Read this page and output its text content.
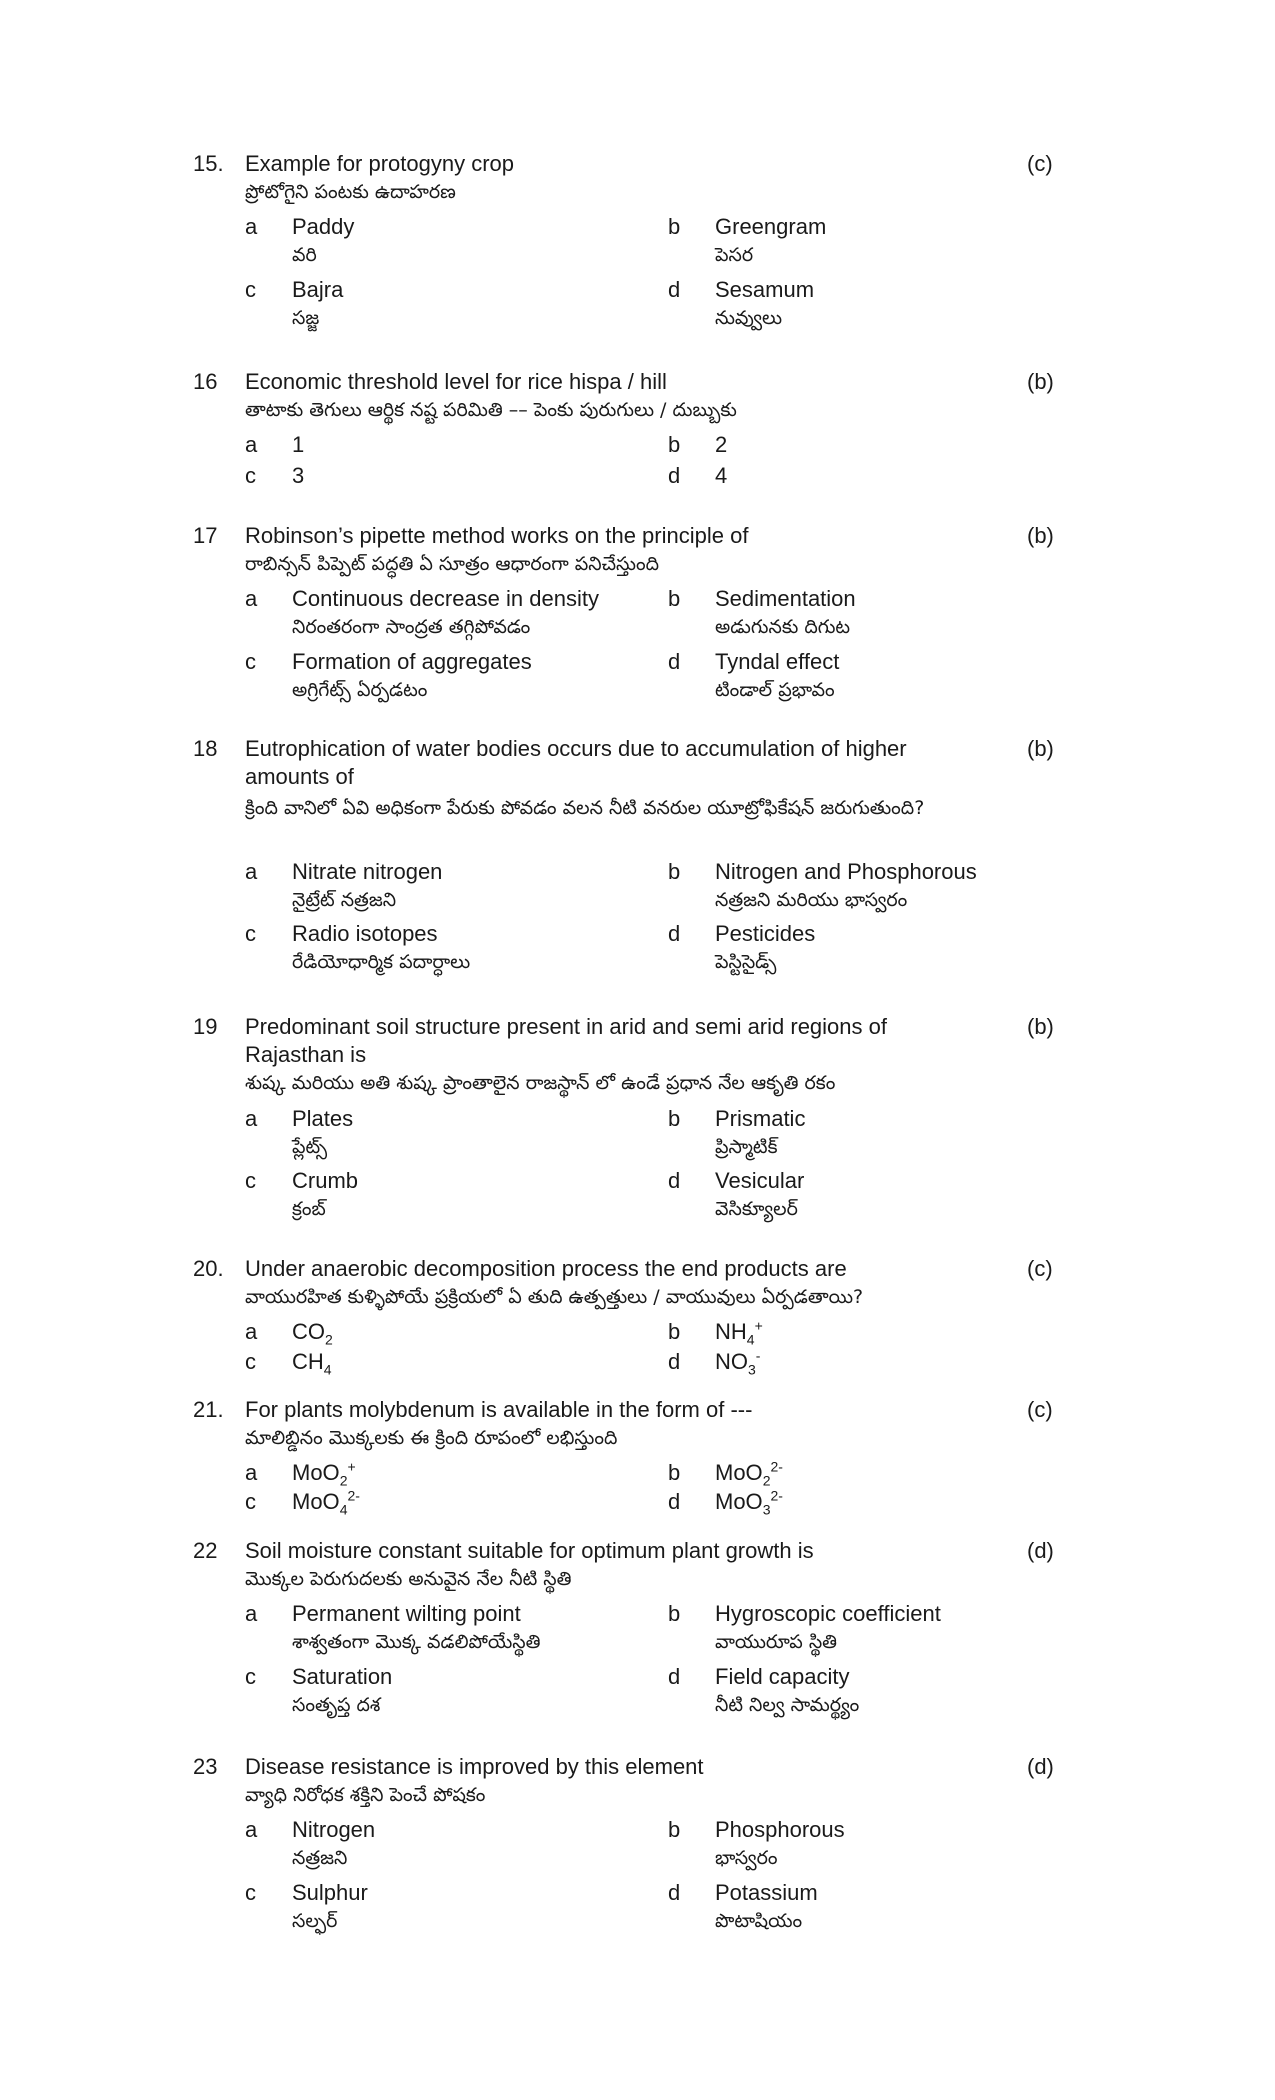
15. Example for protogyny crop
ప్రోటోగైని పంటకు ఉదాహరణ
(c)
a Paddy
వరి
b Greengram
పెసర
c Bajra
సజ్జ
d Sesamum
నువ్వులు
16 Economic threshold level for rice hispa / hill
తాటాకు తెగులు ఆర్థిక నష్ట పరిమితి –– పెంకు పురుగులు / దుబ్బుకు
(b)
a 1	b 2
c 3	d 4
17 Robinson’s pipette method works on the principle of
రాబిన్సన్ పిప్పెట్ పద్ధతి ఏ సూత్రం ఆధారంగా పనిచేస్తుంది
(b)
a Continuous decrease in density
నిరంతరంగా సాంద్రత తగ్గిపోవడం
b Sedimentation
అడుగునకు దిగుట
c Formation of aggregates
అగ్రిగేట్స్ ఏర్పడటం
d Tyndal effect
టిండాల్ ప్రభావం
18 Eutrophication of water bodies occurs due to accumulation of higher amounts of
క్రింది వానిలో ఏవి అధికంగా పేరుకు పోవడం వలన నీటి వనరుల యూట్రోఫికేషన్ జరుగుతుంది?
(b)
a Nitrate nitrogen
నైట్రేట్ నత్రజని
b Nitrogen and Phosphorous
నత్రజని మరియు భాస్వరం
c Radio isotopes
రేడియోధార్మిక పదార్ధాలు
d Pesticides
పెస్టిసైడ్స్
19 Predominant soil structure present in arid and semi arid regions of Rajasthan is
శుష్క మరియు అతి శుష్క ప్రాంతాలైన రాజస్థాన్ లో ఉండే ప్రధాన నేల ఆకృతి రకం
(b)
a Plates
ప్లేట్స్
b Prismatic
ప్రిస్మాటిక్
c Crumb
క్రంబ్
d Vesicular
వెసిక్యూలర్
20. Under anaerobic decomposition process the end products are
వాయురహిత కుళ్ళిపోయే ప్రక్రియలో ఏ తుది ఉత్పత్తులు / వాయువులు ఏర్పడతాయి?
(c)
a $CO_2$	b $NH_4^+$
c $CH_4$	d $NO_3^-$
21. For plants molybdenum is available in the form of ---
మాలిబ్డినం మొక్కలకు ఈ క్రింది రూపంలో లభిస్తుంది
(c)
a MoO$_2$+	b MoO$_2^{2-}$
c MoO$_4^{2-}$	d MoO$_3^{2-}$
22 Soil moisture constant suitable for optimum plant growth is
మొక్కల పెరుగుదలకు అనువైన నేల నీటి స్థితి
(d)
a Permanent wilting point
శాశ్వతంగా మొక్క వడలిపోయేస్థితి
b Hygroscopic coefficient
వాయురూప స్థితి
c Saturation
సంతృప్త దశ
d Field capacity
నీటి నిల్వ సామర్థ్యం
23 Disease resistance is improved by this element
వ్యాధి నిరోధక శక్తిని పెంచే పోషకం
(d)
a Nitrogen
నత్రజని
b Phosphorous
భాస్వరం
c Sulphur
సల్ఫర్
d Potassium
పొటాషియం
